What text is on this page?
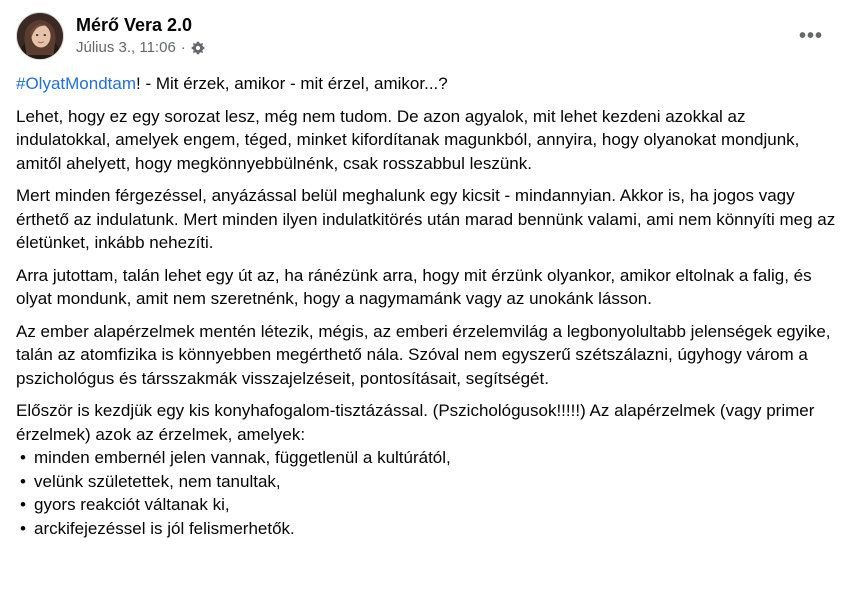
Mérő Vera 2.0
Július 3., 11:06 ·
•••

#OlyatMondtam! - Mit érzek, amikor - mit érzel, amikor...?

Lehet, hogy ez egy sorozat lesz, még nem tudom. De azon agyalok, mit lehet kezdeni azokkal az indulatokkal, amelyek engem, téged, minket kifordítanak magunkból, annyira, hogy olyanokat mondjunk, amitől ahelyett, hogy megkönnyebbülnénk, csak rosszabbul leszünk.

Mert minden férgezéssel, anyázással belül meghalunk egy kicsit - mindannyian. Akkor is, ha jogos vagy érthető az indulatunk. Mert minden ilyen indulatkitörés után marad bennünk valami, ami nem könnyíti meg az életünket, inkább nehezíti.

Arra jutottam, talán lehet egy út az, ha ránézünk arra, hogy mit érzünk olyankor, amikor eltolnak a falig, és olyat mondunk, amit nem szeretnénk, hogy a nagymamánk vagy az unokánk lásson.

Az ember alapérzelmek mentén létezik, mégis, az emberi érzelemvilág a legbonyolultabb jelenségek egyike, talán az atomfizika is könnyebben megérthető nála. Szóval nem egyszerű szétszálazni, úgyhogy várom a pszichológus és társszakmák visszajelzéseit, pontosításait, segítségét.

Először is kezdjük egy kis konyhafogalom-tisztázással. (Pszichológusok!!!!!) Az alapérzelmek (vagy primer érzelmek) azok az érzelmek, amelyek:

• minden embernél jelen vannak, függetlenül a kultúrától,
• velünk születettek, nem tanultak,
• gyors reakciót váltanak ki,
• arckifejezéssel is jól felismerhetők.
